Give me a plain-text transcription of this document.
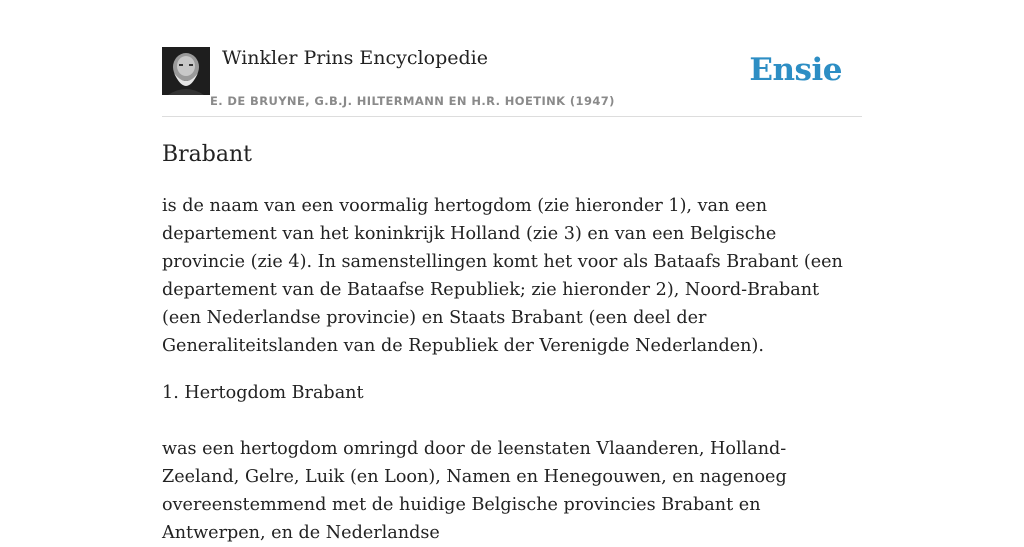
Winkler Prins Encyclopedie
E. DE BRUYNE, G.B.J. HILTERMANN EN H.R. HOETINK (1947)
Ensie
Brabant

is de naam van een voormalig hertogdom (zie hieronder 1), van een departement van het koninkrijk Holland (zie 3) en van een Belgische provincie (zie 4). In samenstellingen komt het voor als Bataafs Brabant (een departement van de Bataafse Republiek; zie hieronder 2), Noord-Brabant (een Nederlandse provincie) en Staats Brabant (een deel der Generaliteitslanden van de Republiek der Verenigde Nederlanden).

1. Hertogdom Brabant

was een hertogdom omringd door de leenstaten Vlaanderen, Holland-Zeeland, Gelre, Luik (en Loon), Namen en Henegouwen, en nagenoeg overeenstemmend met de huidige Belgische provincies Brabant en Antwerpen, en de Nederlandse
